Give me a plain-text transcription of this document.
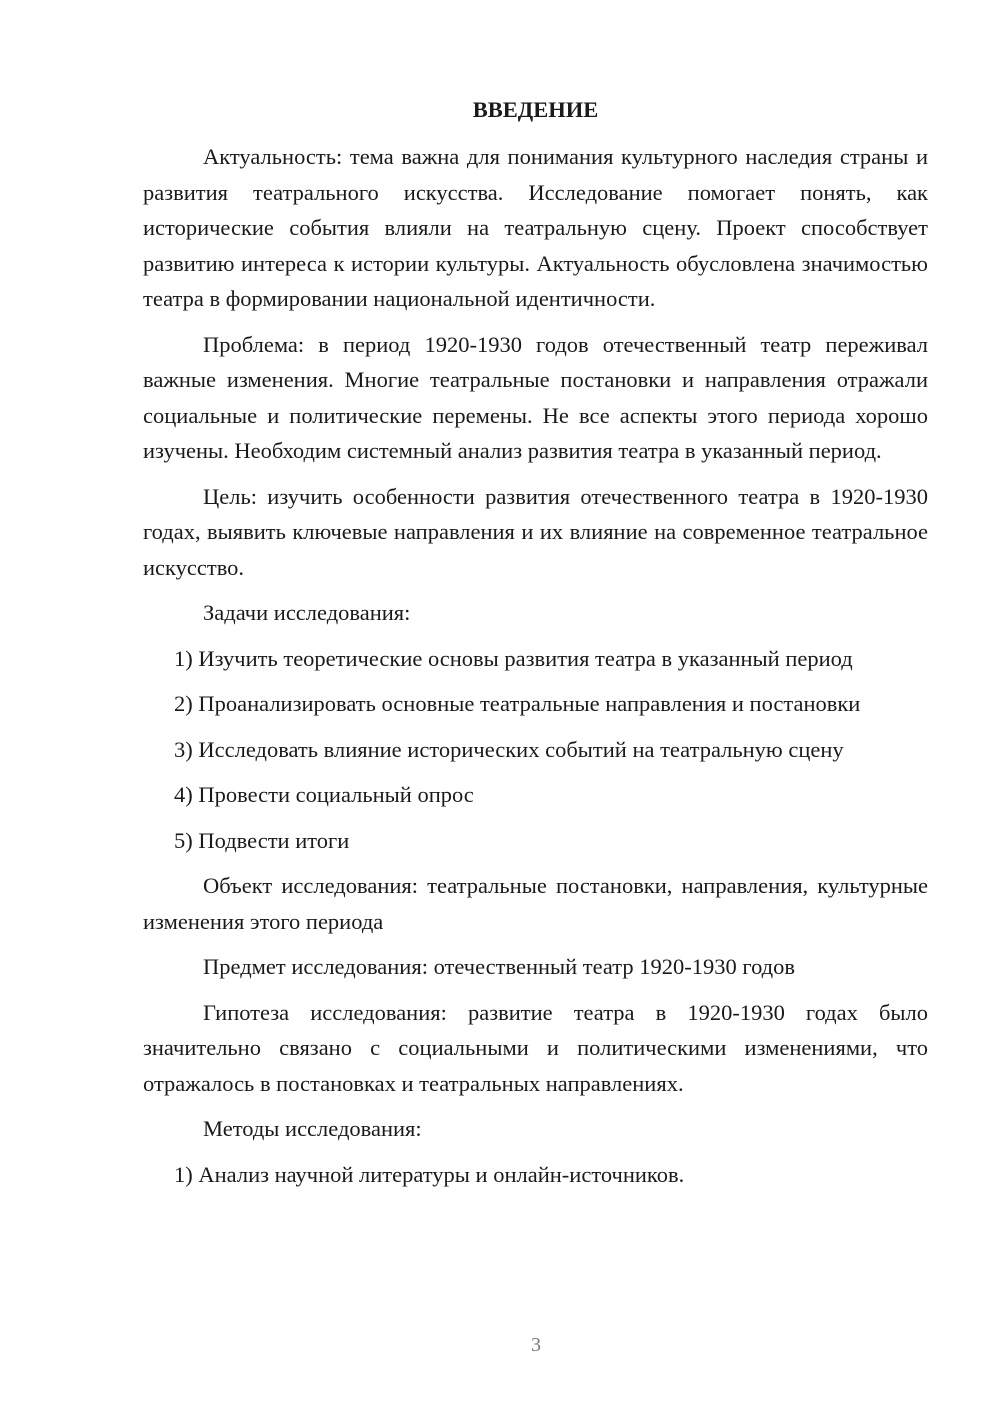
ВВЕДЕНИЕ

Актуальность: тема важна для понимания культурного наследия страны и развития театрального искусства. Исследование помогает понять, как исторические события влияли на театральную сцену. Проект способствует развитию интереса к истории культуры. Актуальность обусловлена значимостью театра в формировании национальной идентичности.

Проблема: в период 1920-1930 годов отечественный театр переживал важные изменения. Многие театральные постановки и направления отражали социальные и политические перемены. Не все аспекты этого периода хорошо изучены. Необходим системный анализ развития театра в указанный период.

Цель: изучить особенности развития отечественного театра в 1920-1930 годах, выявить ключевые направления и их влияние на современное театральное искусство.

Задачи исследования:

1) Изучить теоретические основы развития театра в указанный период

2) Проанализировать основные театральные направления и постановки

3) Исследовать влияние исторических событий на театральную сцену

4) Провести социальный опрос

5) Подвести итоги

Объект исследования: театральные постановки, направления, культурные изменения этого периода

Предмет исследования: отечественный театр 1920-1930 годов

Гипотеза исследования: развитие театра в 1920-1930 годах было значительно связано с социальными и политическими изменениями, что отражалось в постановках и театральных направлениях.

Методы исследования:

1) Анализ научной литературы и онлайн-источников.

3
